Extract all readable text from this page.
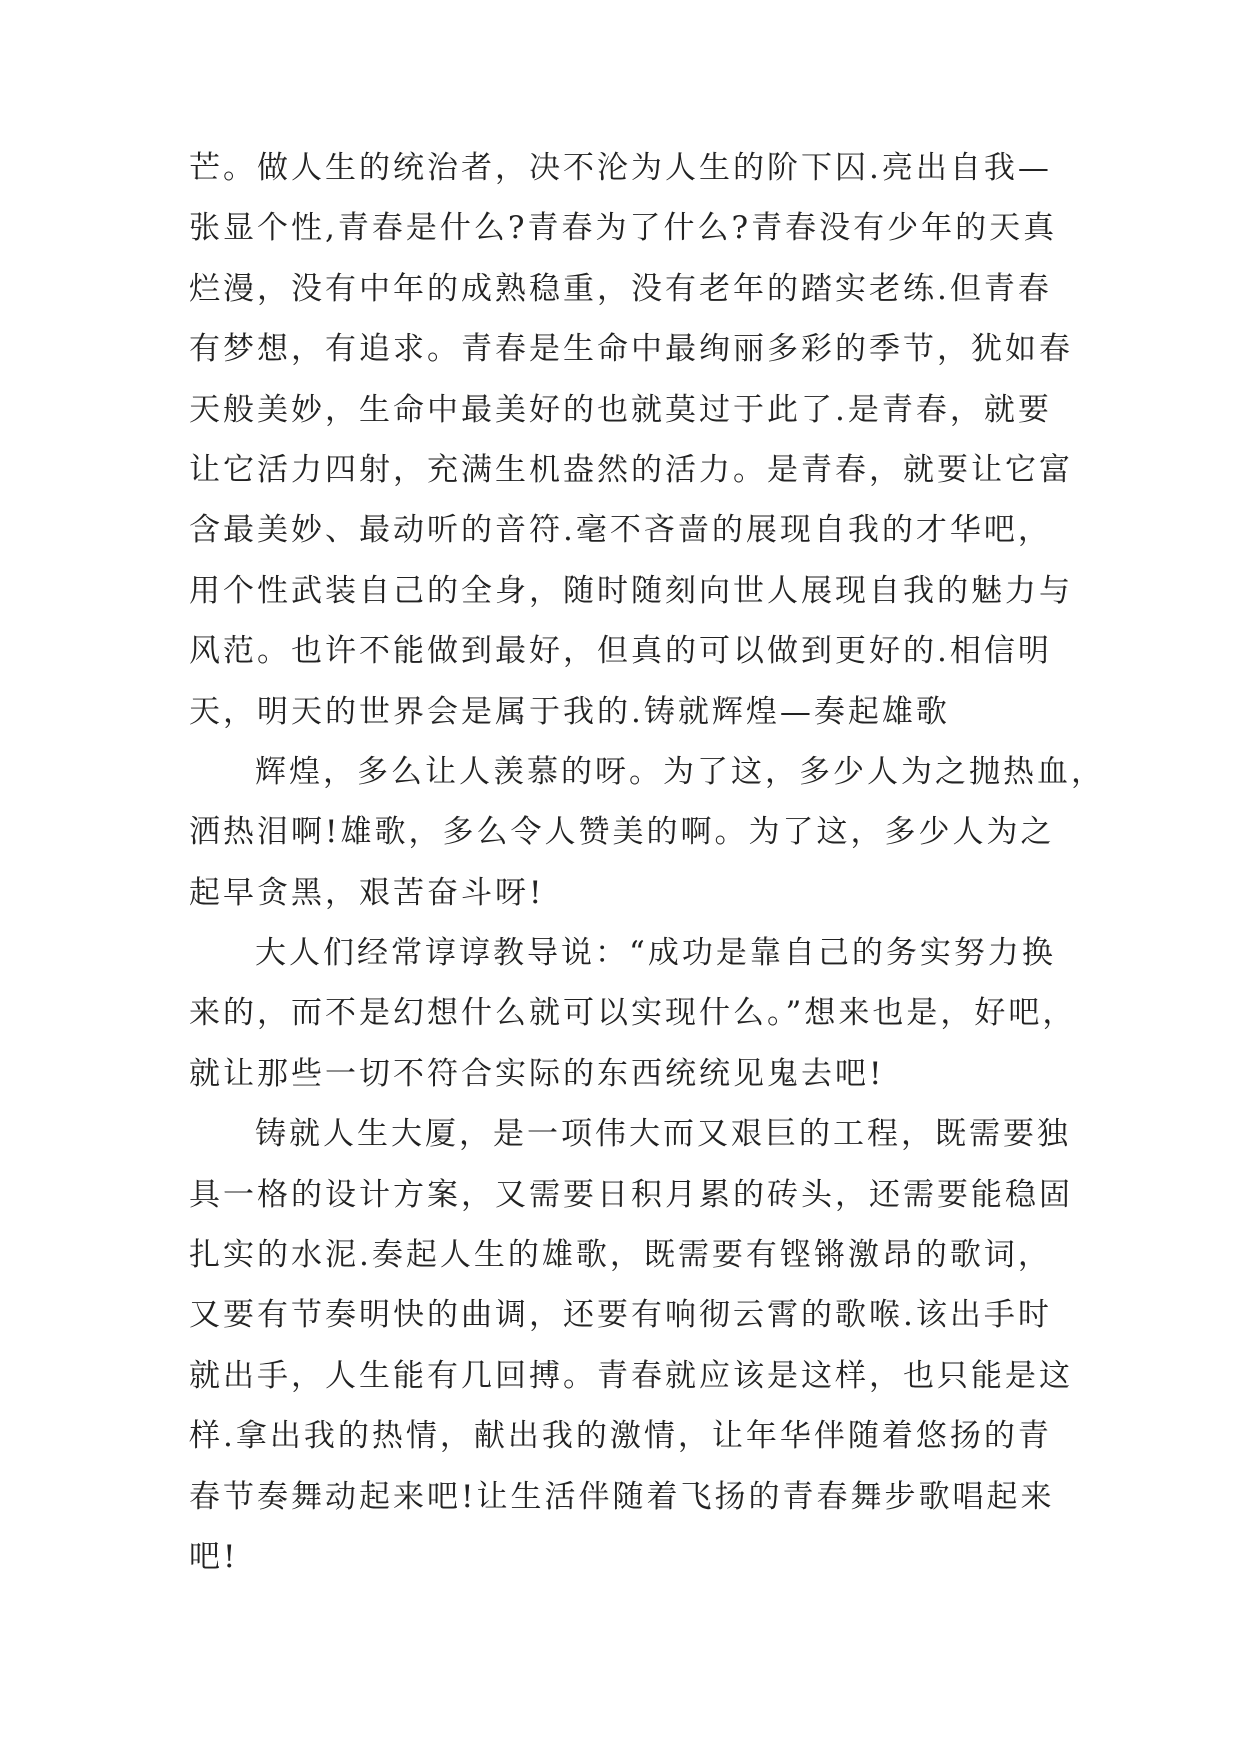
芒。做人生的统治者，决不沦为人生的阶下囚.亮出自我—
张显个性,青春是什么?青春为了什么?青春没有少年的天真
烂漫，没有中年的成熟稳重，没有老年的踏实老练.但青春
有梦想，有追求。青春是生命中最绚丽多彩的季节，犹如春
天般美妙，生命中最美好的也就莫过于此了.是青春，就要
让它活力四射，充满生机盎然的活力。是青春，就要让它富
含最美妙、最动听的音符.毫不吝啬的展现自我的才华吧，
用个性武装自己的全身，随时随刻向世人展现自我的魅力与
风范。也许不能做到最好，但真的可以做到更好的.相信明
天，明天的世界会是属于我的.铸就辉煌—奏起雄歌
辉煌，多么让人羡慕的呀。为了这，多少人为之抛热血，
洒热泪啊!雄歌，多么令人赞美的啊。为了这，多少人为之
起早贪黑，艰苦奋斗呀!
大人们经常谆谆教导说：“成功是靠自己的务实努力换
来的，而不是幻想什么就可以实现什么。”想来也是，好吧，
就让那些一切不符合实际的东西统统见鬼去吧!
铸就人生大厦，是一项伟大而又艰巨的工程，既需要独
具一格的设计方案，又需要日积月累的砖头，还需要能稳固
扎实的水泥.奏起人生的雄歌，既需要有铿锵激昂的歌词，
又要有节奏明快的曲调，还要有响彻云霄的歌喉.该出手时
就出手，人生能有几回搏。青春就应该是这样，也只能是这
样.拿出我的热情，献出我的激情，让年华伴随着悠扬的青
春节奏舞动起来吧!让生活伴随着飞扬的青春舞步歌唱起来
吧!
